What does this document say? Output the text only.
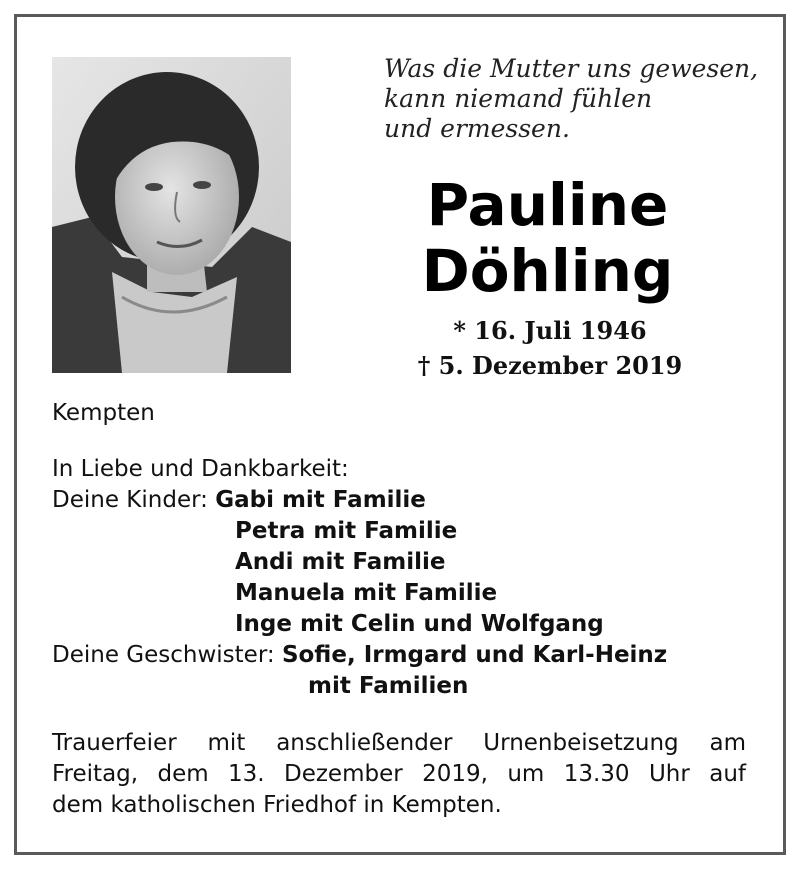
Was die Mutter uns gewesen,
kann niemand fühlen
und ermessen.
Pauline
Döhling
* 16. Juli 1946
† 5. Dezember 2019
Kempten
In Liebe und Dankbarkeit:
Deine Kinder: Gabi mit Familie
Petra mit Familie
Andi mit Familie
Manuela mit Familie
Inge mit Celin und Wolfgang
Deine Geschwister: Sofie, Irmgard und Karl-Heinz
mit Familien
Trauerfeier mit anschließender Urnenbeisetzung am
Freitag, dem 13. Dezember 2019, um 13.30 Uhr auf
dem katholischen Friedhof in Kempten.
